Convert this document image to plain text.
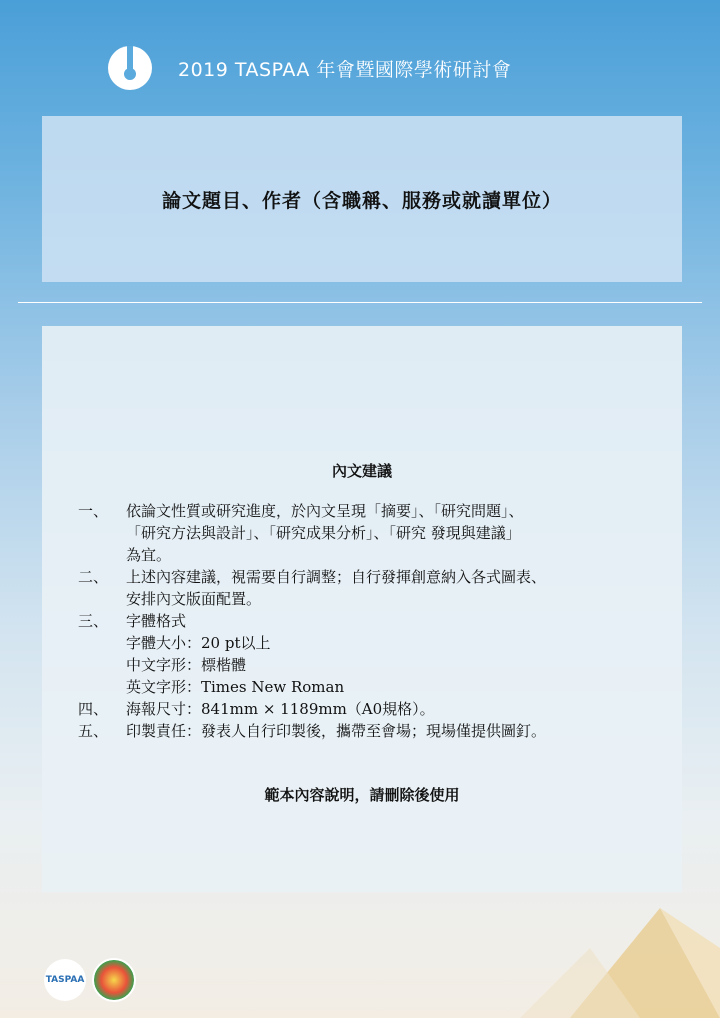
2019 TASPAA 年會暨國際學術研討會
論文題目、作者（含職稱、服務或就讀單位）
內文建議
一、	依論文性質或研究進度，於內文呈現「摘要」、「研究問題」、
「研究方法與設計」、「研究成果分析」、「研究 發現與建議」
為宜。
二、	上述內容建議，視需要自行調整；自行發揮創意納入各式圖表、
安排內文版面配置。
三、	字體格式
字體大小：20 pt以上
中文字形：標楷體
英文字形：Times New Roman
四、	海報尺寸：841mm × 1189mm（A0規格）。
五、	印製責任：發表人自行印製後，攜帶至會場；現場僅提供圖釘。
範本內容說明，請刪除後使用
TASPAA
